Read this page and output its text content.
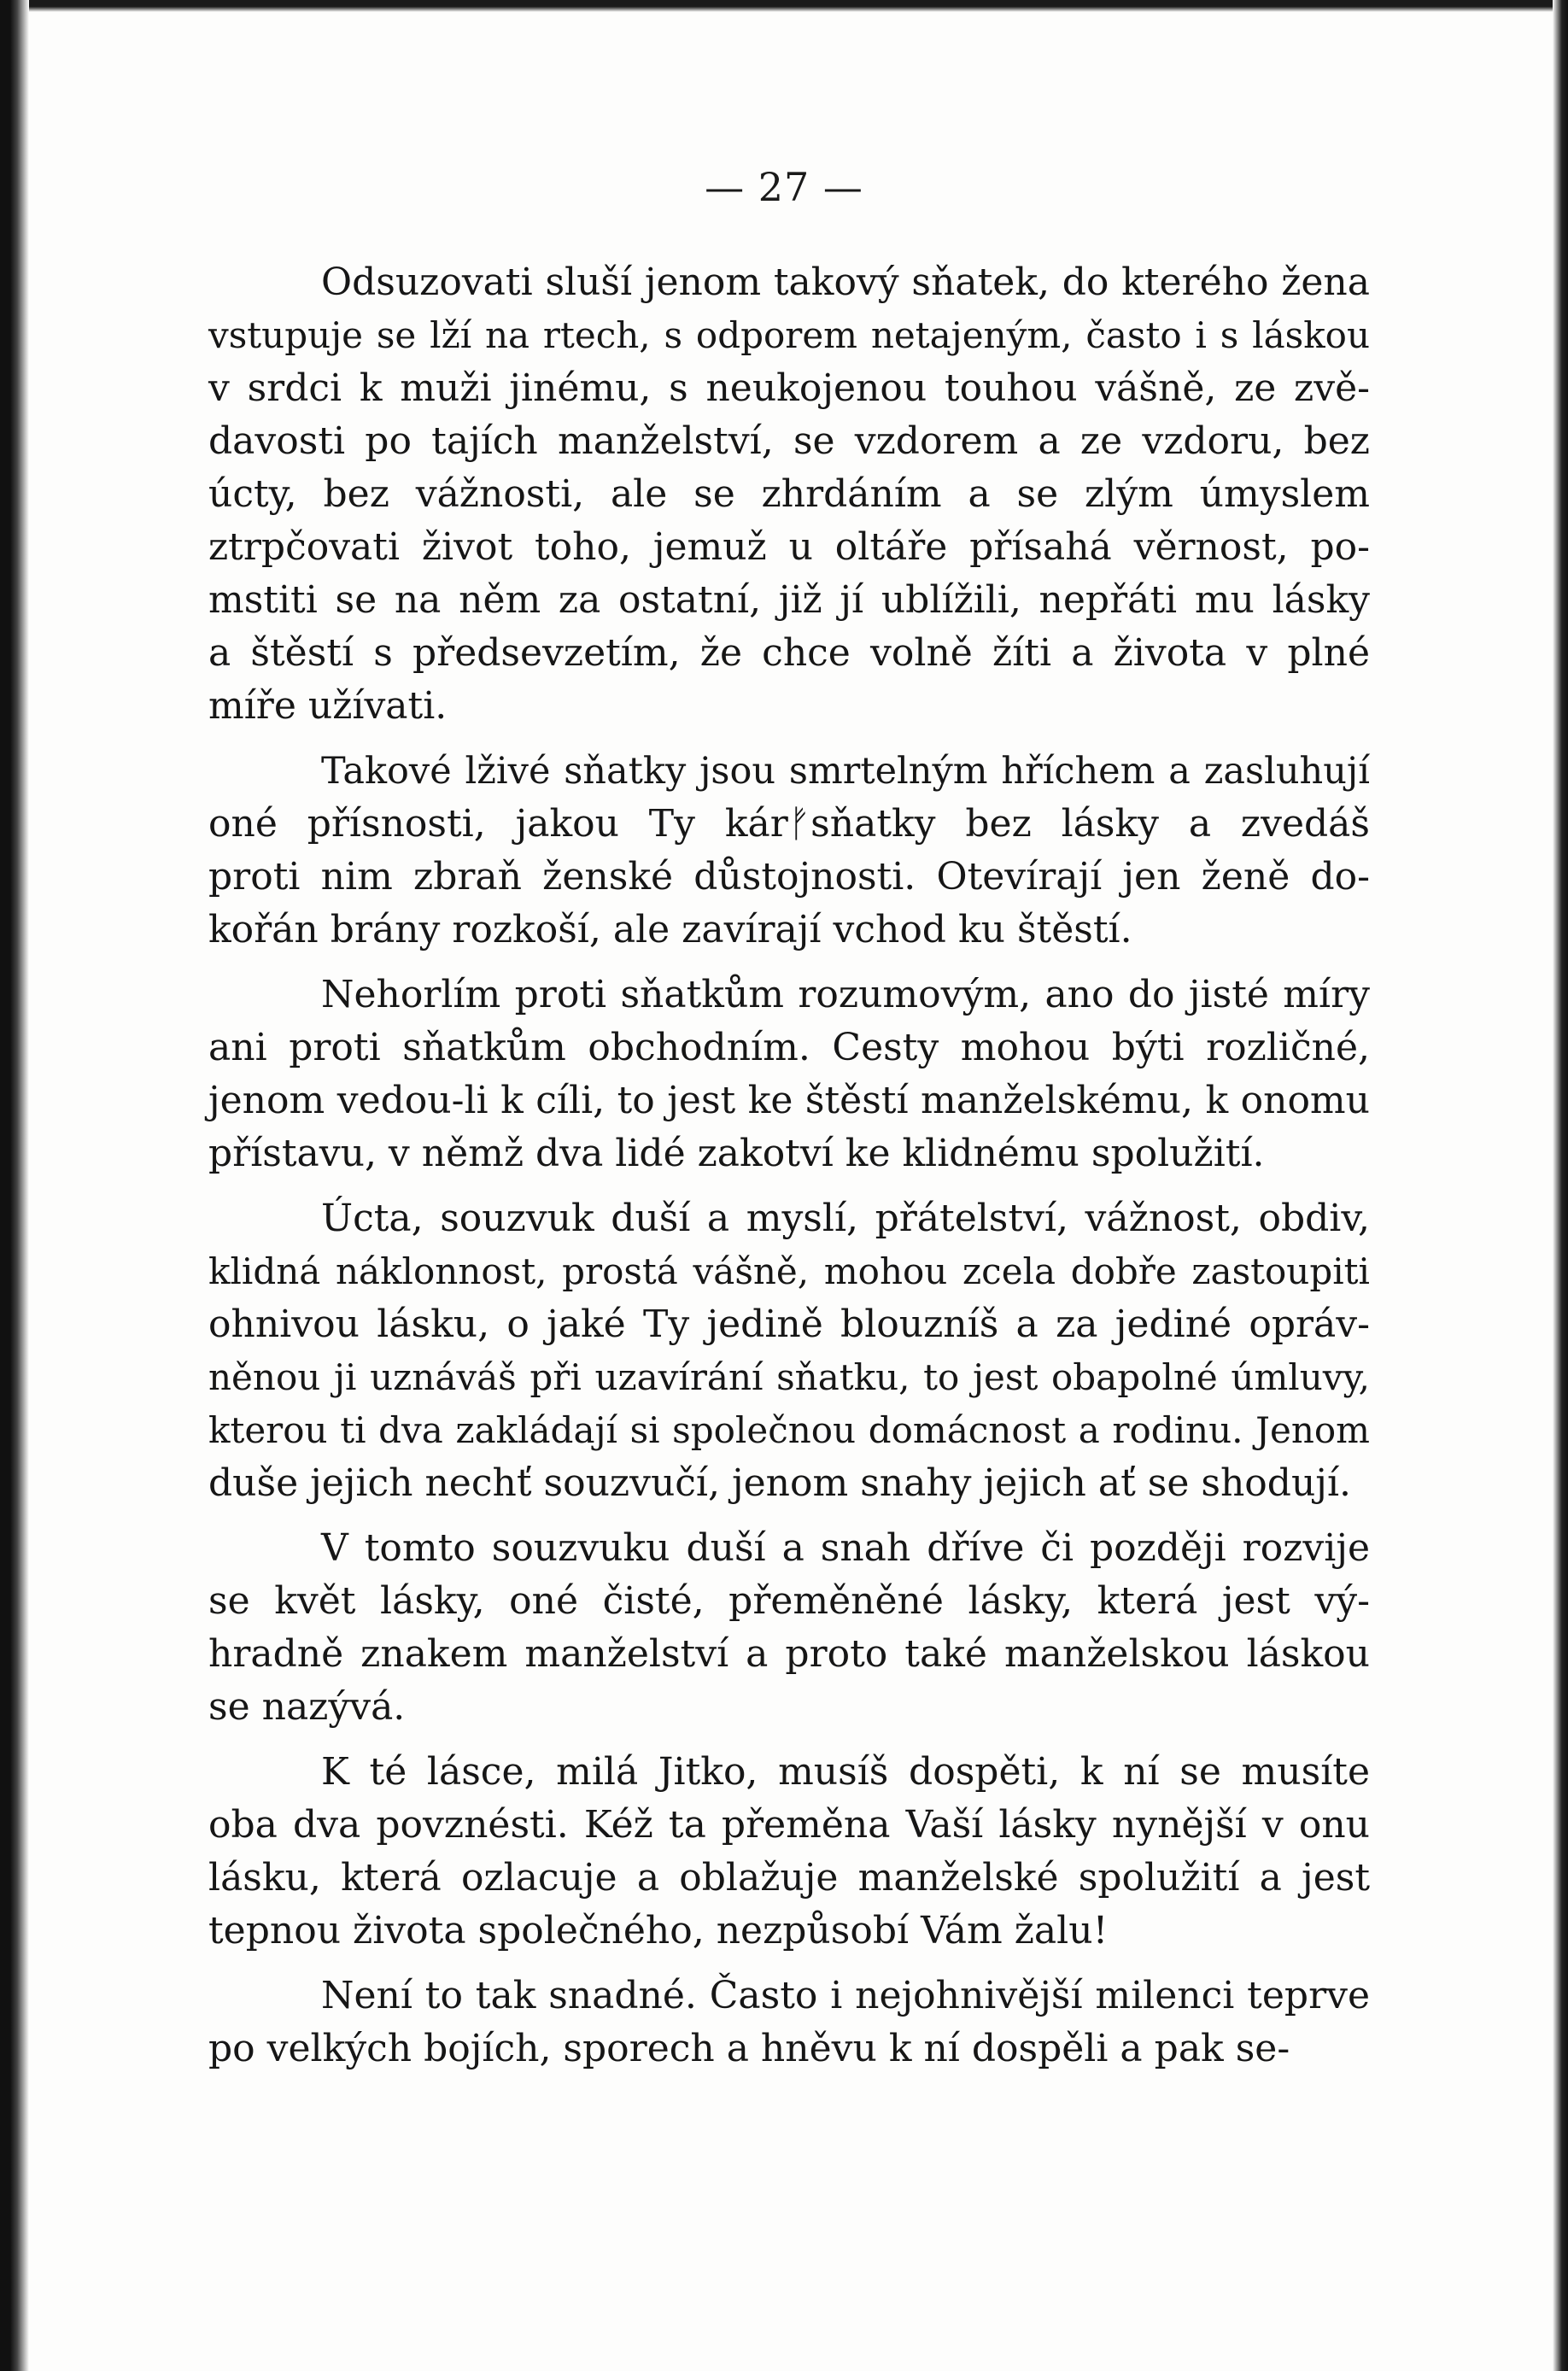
— 27 —

Odsuzovati sluší jenom takový sňatek, do kterého žena
vstupuje se lží na rtech, s odporem netajeným, často i s láskou
v srdci k muži jinému, s neukojenou touhou vášně, ze zvě-
davosti po tajích manželství, se vzdorem a ze vzdoru, bez
úcty, bez vážnosti, ale se zhrdáním a se zlým úmyslem
ztrpčovati život toho, jemuž u oltáře přísahá věrnost, po-
mstiti se na něm za ostatní, již jí ublížili, nepřáti mu lásky
a štěstí s předsevzetím, že chce volně žíti a života v plné
míře užívati.

Takové lživé sňatky jsou smrtelným hříchem a zasluhují
oné přísnosti, jakou Ty kárᚠsňatky bez lásky a zvedáš
proti nim zbraň ženské důstojnosti. Otevírají jen ženě do-
kořán brány rozkoší, ale zavírají vchod ku štěstí.

Nehorlím proti sňatkům rozumovým, ano do jisté míry
ani proti sňatkům obchodním. Cesty mohou býti rozličné,
jenom vedou-li k cíli, to jest ke štěstí manželskému, k onomu
přístavu, v němž dva lidé zakotví ke klidnému spolužití.

Úcta, souzvuk duší a myslí, přátelství, vážnost, obdiv,
klidná náklonnost, prostá vášně, mohou zcela dobře zastoupiti
ohnivou lásku, o jaké Ty jedině blouzníš a za jediné opráv-
něnou ji uznáváš při uzavírání sňatku, to jest obapolné úmluvy,
kterou ti dva zakládají si společnou domácnost a rodinu. Jenom
duše jejich nechť souzvučí, jenom snahy jejich ať se shodují.

V tomto souzvuku duší a snah dříve či později rozvije
se květ lásky, oné čisté, přeměněné lásky, která jest vý-
hradně znakem manželství a proto také manželskou láskou
se nazývá.

K té lásce, milá Jitko, musíš dospěti, k ní se musíte
oba dva povznésti. Kéž ta přeměna Vaší lásky nynější v onu
lásku, která ozlacuje a oblažuje manželské spolužití a jest
tepnou života společného, nezpůsobí Vám žalu!

Není to tak snadné. Často i nejohnivější milenci teprve
po velkých bojích, sporech a hněvu k ní dospěli a pak se-
